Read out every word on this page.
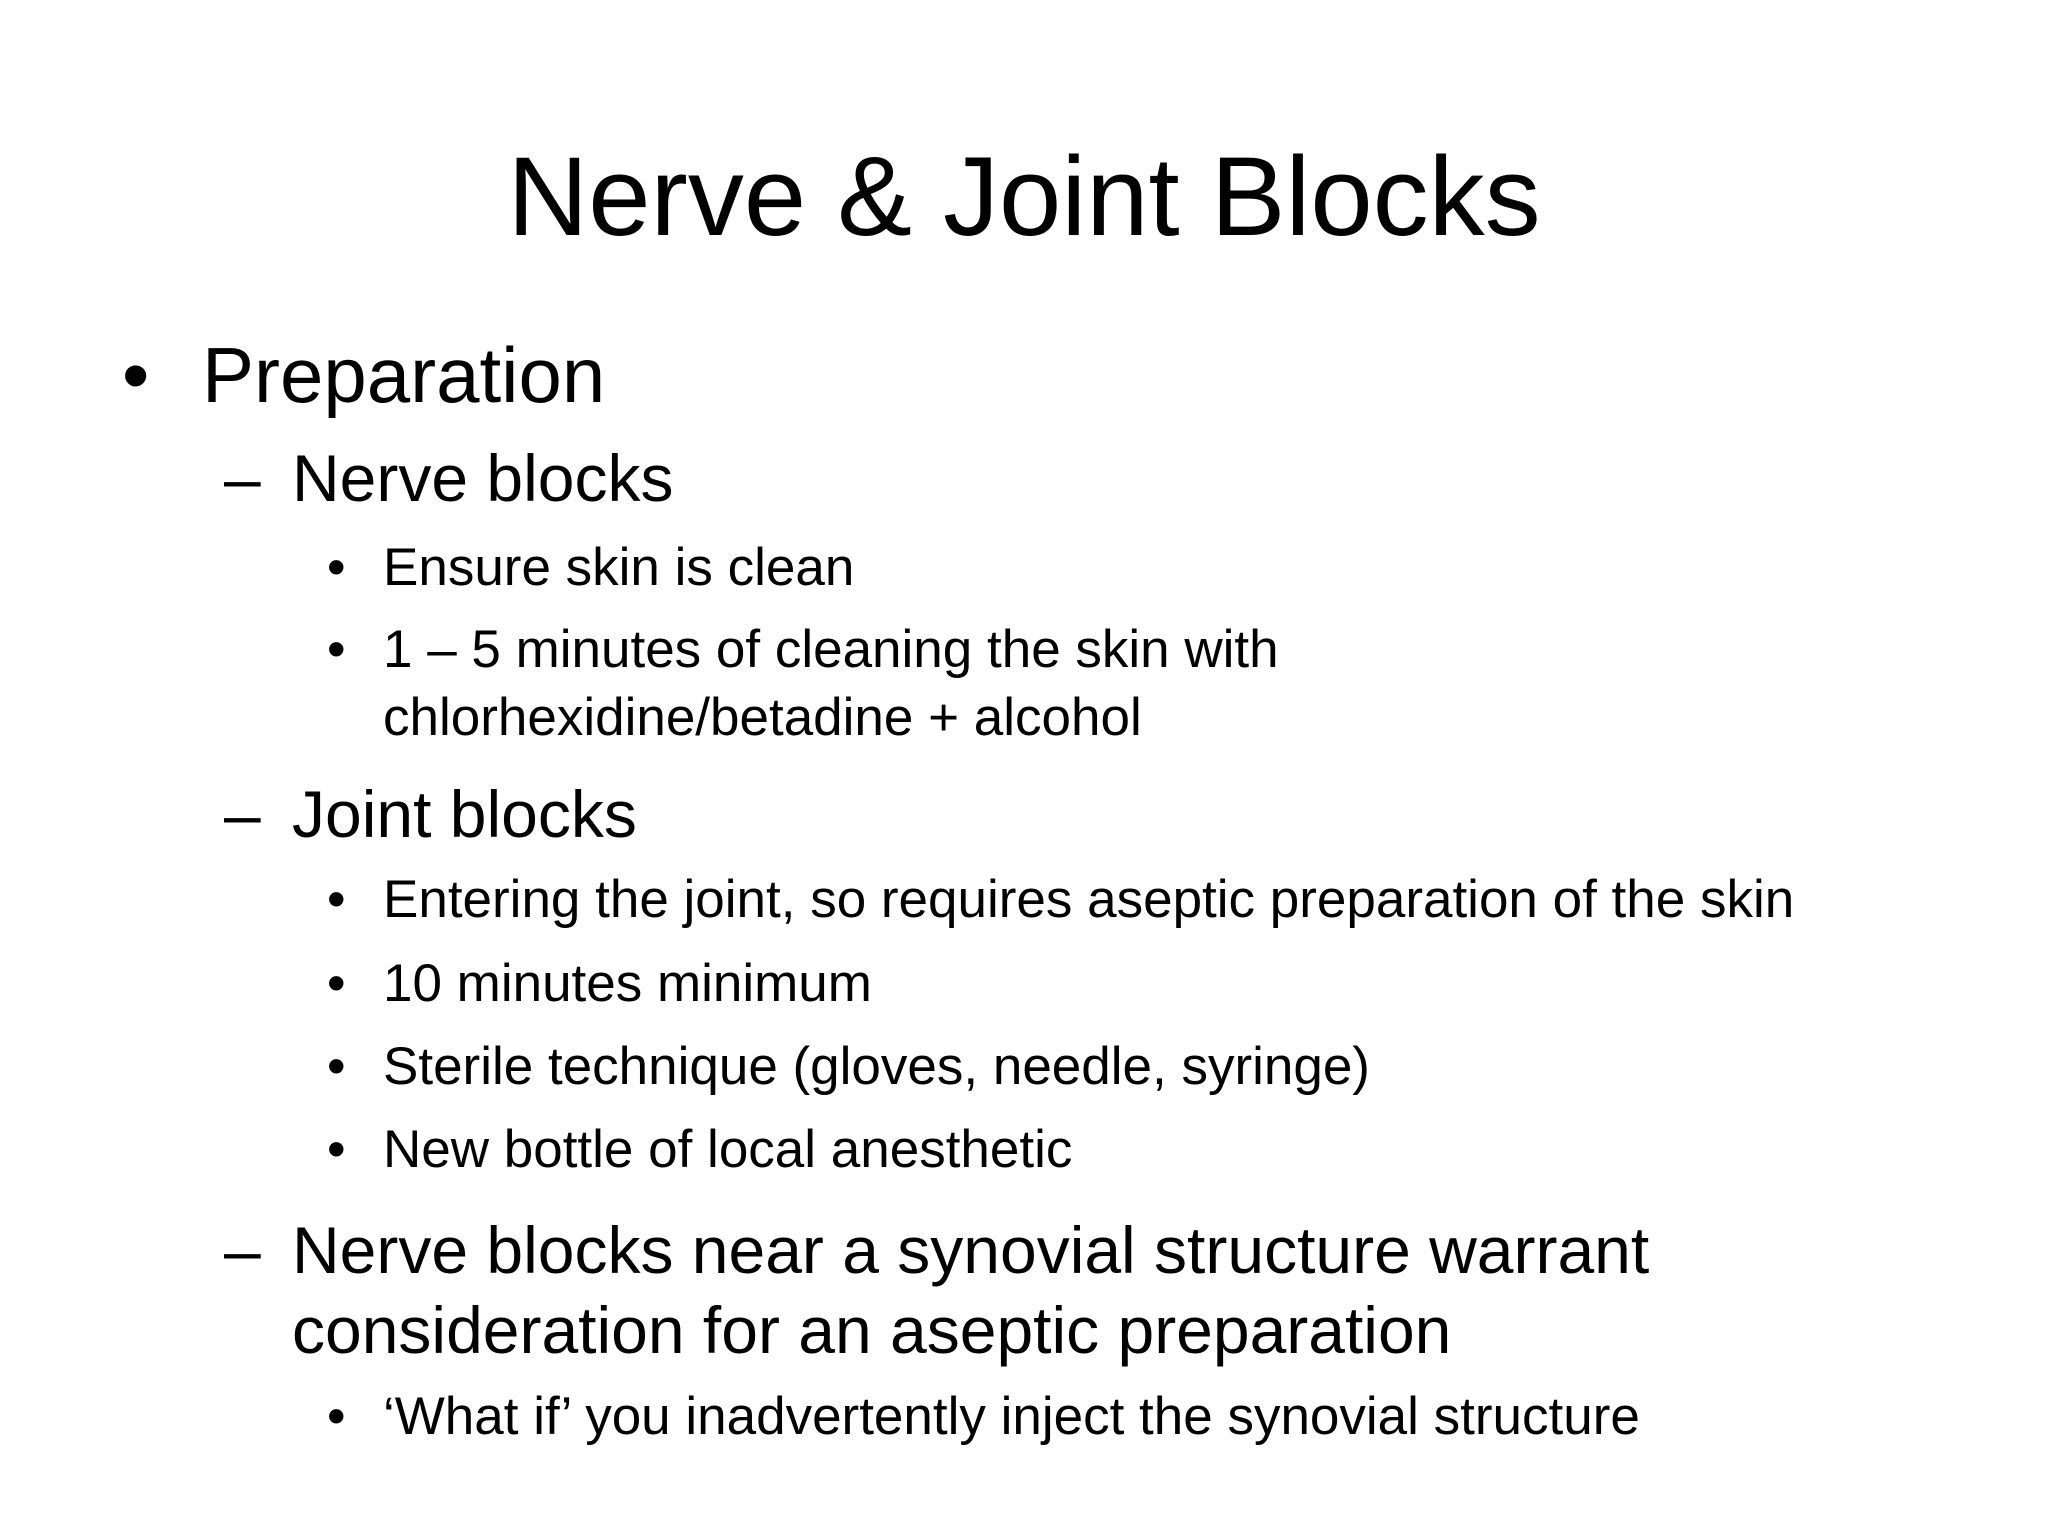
Nerve & Joint Blocks
• Preparation
– Nerve blocks
• Ensure skin is clean
• 1 – 5 minutes of cleaning the skin with
chlorhexidine/betadine + alcohol
– Joint blocks
• Entering the joint, so requires aseptic preparation of the skin
• 10 minutes minimum
• Sterile technique (gloves, needle, syringe)
• New bottle of local anesthetic
– Nerve blocks near a synovial structure warrant
consideration for an aseptic preparation
• ‘What if’ you inadvertently inject the synovial structure
